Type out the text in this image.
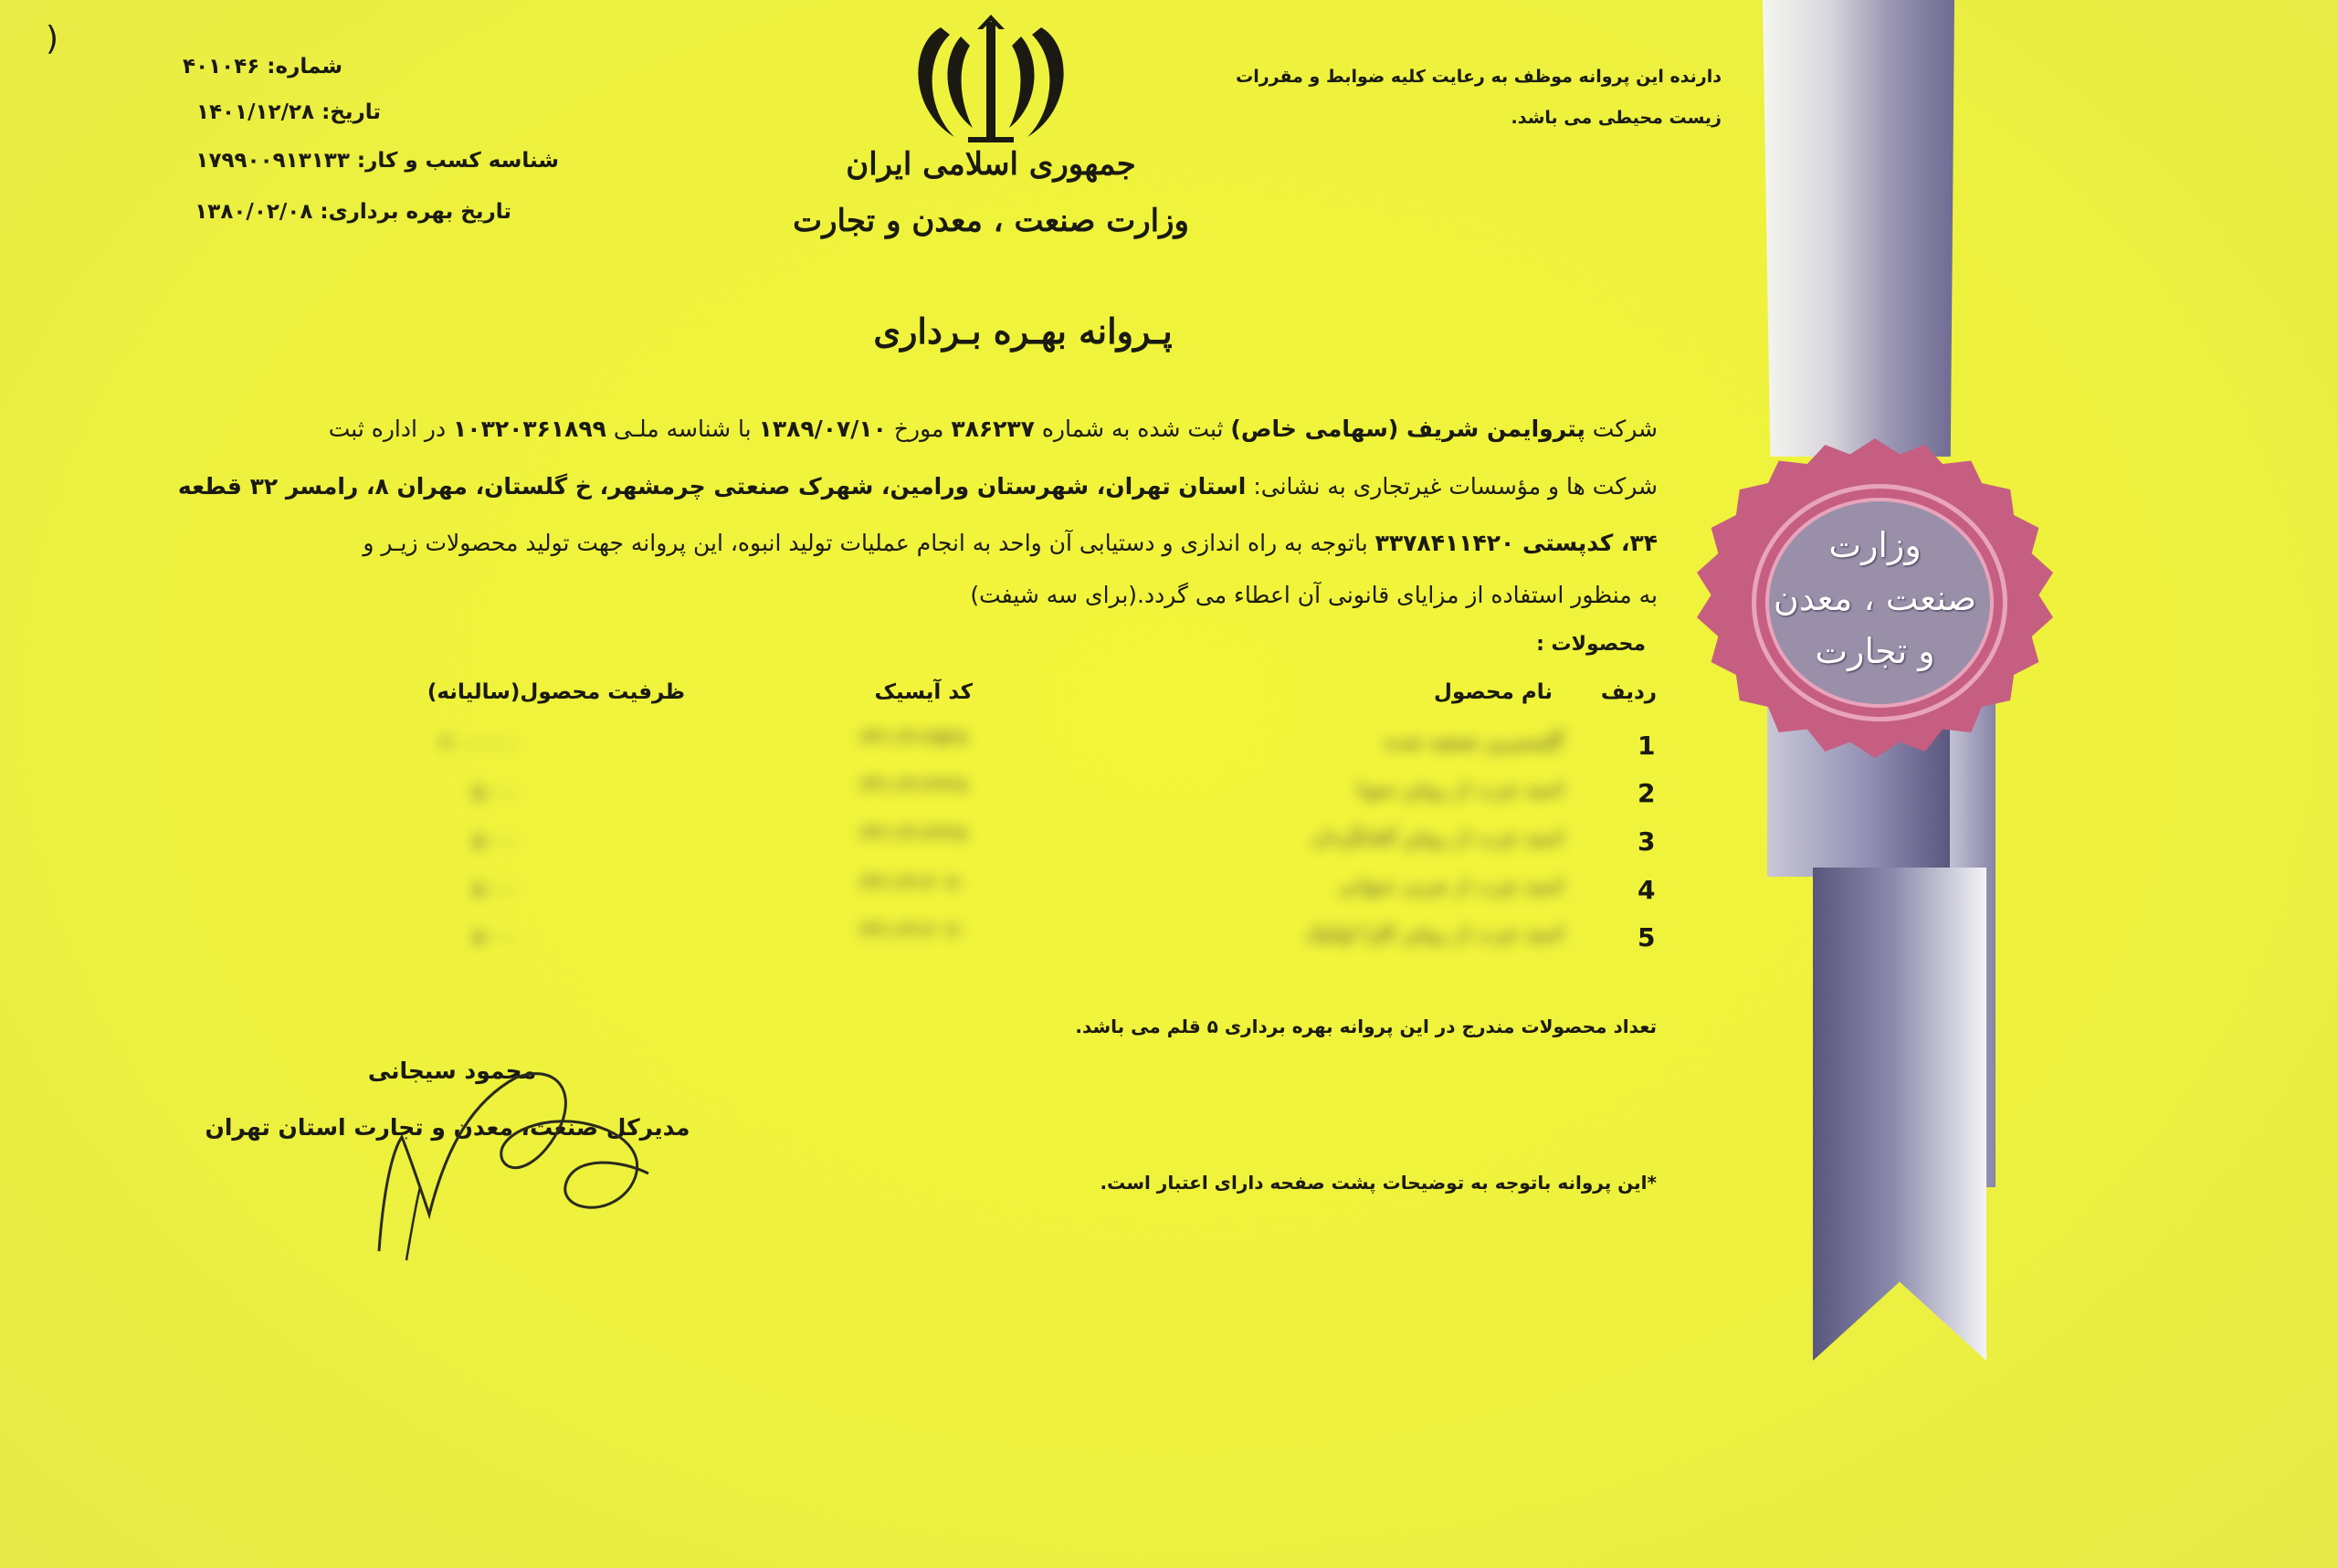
وزارت
صنعت ، معدن
و تجارت
(
شماره: ۴۰۱۰۴۶
تاریخ: ۱۴۰۱/۱۲/۲۸
شناسه کسب و کار: ۱۷۹۹۰۰۹۱۳۱۳۳
تاریخ بهره برداری: ۱۳۸۰/۰۲/۰۸
جمهوری اسلامی ایران
وزارت صنعت ، معدن و تجارت
دارنده این پروانه موظف به رعایت کلیه ضوابط و مقررات
زیست محیطی می باشد.
پـروانه بهـره بـرداری
شرکت پترو‌ایمن شریف (سهامی خاص) ثبت شده به شماره ۳۸۶۲۳۷ مورخ ۱۳۸۹/۰۷/۱۰ با شناسه ملـی ۱۰۳۲۰۳۶۱۸۹۹ در اداره ثبت
شرکت ها و مؤسسات غیرتجاری به نشانی: استان تهران، شهرستان ورامین، شهرک صنعتی چرمشهر، خ گلستان، مهران ۸، رامسر ۳۲ قطعه
۳۴، کدپستی ۳۳۷۸۴۱۱۴۲۰ باتوجه به راه اندازی و دستیابی آن واحد به انجام عملیات تولید انبوه، این پروانه جهت تولید محصولات زیـر و
به منظور استفاده از مزایای قانونی آن اعطاء می گردد.(برای سه شیفت)
محصولات :
ردیف
نام محصول
کد آیسیک
ظرفیت محصول(سالیانه)
1
گلیسیرین تصفیه شده
۲۴۱۱۴۱۲۵۲۸
۲۰۰۰۰۰۰
2
اسید چرب از روغن سویا
۲۴۱۱۴۱۲۲۲۸
۵۰۰۰
3
اسید چرب از روغن آفتابگردان
۲۴۱۱۴۱۲۲۲۸
۵۰۰۰
4
اسید چرب از چربی حیوانی
۲۴۱۱۴۱۲۰۷۰
۵۰۰۰
5
اسید چرب از روغن کلزا اولئیک
۲۴۱۱۴۱۲۰۷۰
۵۰۰۰
تعداد محصولات مندرج در این پروانه بهره برداری ۵ قلم می باشد.
محمود سیجانی
مدیرکل صنعت، معدن و تجارت استان تهران
*این پروانه باتوجه به توضیحات پشت صفحه دارای اعتبار است.
